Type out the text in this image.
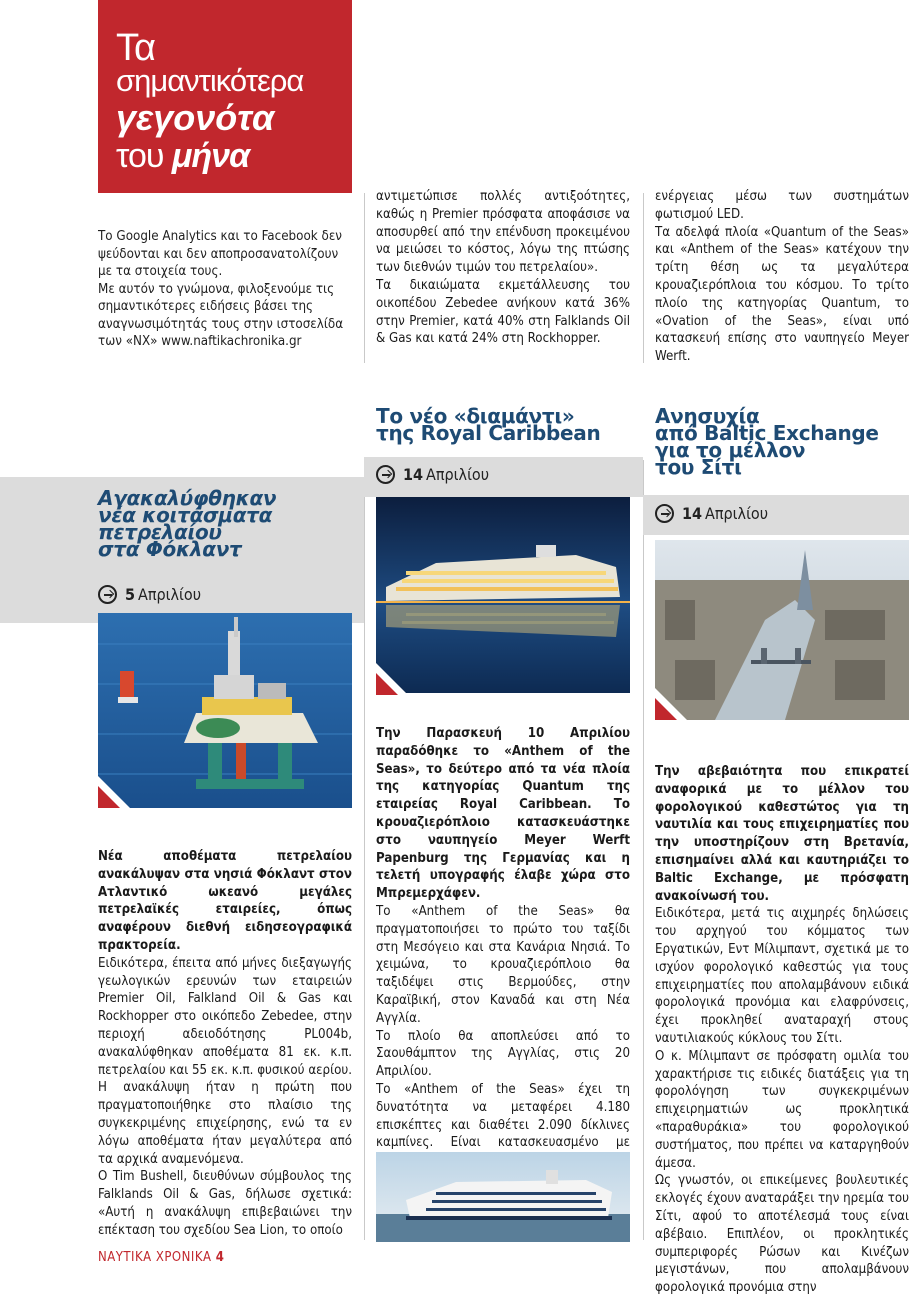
Τα
σημαντικότερα
γεγονότα
του μήνα

Το Google Analytics και το Facebook δεν ψεύδονται και δεν αποπροσανατολίζουν με τα στοιχεία τους.

Με αυτόν το γνώμονα, φιλοξενούμε τις σημαντικότερες ειδήσεις βάσει της αναγνωσιμότητάς τους στην ιστοσελίδα των «ΝΧ» www.naftikachronika.gr

αντιμετώπισε πολλές αντιξοότητες, καθώς η Premier πρόσφατα αποφάσισε να αποσυρθεί από την επένδυση προκειμένου να μειώσει το κόστος, λόγω της πτώσης των διεθνών τιμών του πετρελαίου».

Τα δικαιώματα εκμετάλλευσης του οικοπέδου Zebedee ανήκουν κατά 36% στην Premier, κατά 40% στη Falklands Oil & Gas και κατά 24% στη Rockhopper.

ενέργειας μέσω των συστημάτων φωτισμού LED.

Τα αδελφά πλοία «Quantum of the Seas» και «Anthem of the Seas» κατέχουν την τρίτη θέση ως τα μεγαλύτερα κρουαζιερόπλοια του κόσμου. Το τρίτο πλοίο της κατηγορίας Quantum, το «Ovation of the Seas», είναι υπό κατασκευή επίσης στο ναυπηγείο Meyer Werft.

Αγακαλύφθηκαν
νέα κοιτάσματα
πετρελαίου
στα Φόκλαντ
5 Απριλίου

Νέα αποθέματα πετρελαίου ανακάλυψαν στα νησιά Φόκλαντ στον Ατλαντικό ωκεανό μεγάλες πετρελαϊκές εταιρείες, όπως αναφέρουν διεθνή ειδησεογραφικά πρακτορεία.

Ειδικότερα, έπειτα από μήνες διεξαγωγής γεωλογικών ερευνών των εταιρειών Premier Oil, Falkland Oil & Gas και Rockhopper στο οικόπεδο Zebedee, στην περιοχή αδειοδότησης PL004b, ανακαλύφθηκαν αποθέματα 81 εκ. κ.π. πετρελαίου και 55 εκ. κ.π. φυσικού αερίου.

Η ανακάλυψη ήταν η πρώτη που πραγματοποιήθηκε στο πλαίσιο της συγκεκριμένης επιχείρησης, ενώ τα εν λόγω αποθέματα ήταν μεγαλύτερα από τα αρχικά αναμενόμενα.

Ο Tim Bushell, διευθύνων σύμβουλος της Falklands Oil & Gas, δήλωσε σχετικά: «Αυτή η ανακάλυψη επιβεβαιώνει την επέκταση του σχεδίου Sea Lion, το οποίο

Το νέο «διαμάντι»
της Royal Caribbean
14 Απριλίου

Την Παρασκευή 10 Απριλίου παραδόθηκε το «Anthem of the Seas», το δεύτερο από τα νέα πλοία της κατηγορίας Quantum της εταιρείας Royal Caribbean. Το κρουαζιερόπλοιο κατασκευάστηκε στο ναυπηγείο Meyer Werft Papenburg της Γερμανίας και η τελετή υπογραφής έλαβε χώρα στο Μπρεμερχάφεν.

Το «Anthem of the Seas» θα πραγματοποιήσει το πρώτο του ταξίδι στη Μεσόγειο και στα Κανάρια Νησιά. Το χειμώνα, το κρουαζιερόπλοιο θα ταξιδέψει στις Βερμούδες, στην Καραϊβική, στον Καναδά και στη Νέα Αγγλία.

Το πλοίο θα αποπλεύσει από το Σαουθάμπτον της Αγγλίας, στις 20 Απριλίου.

Το «Anthem of the Seas» έχει τη δυνατότητα να μεταφέρει 4.180 επισκέπτες και διαθέτει 2.090 δίκλινες καμπίνες. Είναι κατασκευασμένο με

Ανησυχία
από Baltic Exchange
για το μέλλον
του Σίτι
14 Απριλίου

Την αβεβαιότητα που επικρατεί αναφορικά με το μέλλον του φορολογικού καθεστώτος για τη ναυτιλία και τους επιχειρηματίες που την υποστηρίζουν στη Βρετανία, επισημαίνει αλλά και καυτηριάζει το Baltic Exchange, με πρόσφατη ανακοίνωσή του.

Ειδικότερα, μετά τις αιχμηρές δηλώσεις του αρχηγού του κόμματος των Εργατικών, Εντ Μίλιμπαντ, σχετικά με το ισχύον φορολογικό καθεστώς για τους επιχειρηματίες που απολαμβάνουν ειδικά φορολογικά προνόμια και ελαφρύνσεις, έχει προκληθεί αναταραχή στους ναυτιλιακούς κύκλους του Σίτι.

Ο κ. Μίλιμπαντ σε πρόσφατη ομιλία του χαρακτήρισε τις ειδικές διατάξεις για τη φορολόγηση των συγκεκριμένων επιχειρηματιών ως προκλητικά «παραθυράκια» του φορολογικού συστήματος, που πρέπει να καταργηθούν άμεσα.

Ως γνωστόν, οι επικείμενες βουλευτικές εκλογές έχουν αναταράξει την ηρεμία του Σίτι, αφού το αποτέλεσμά τους είναι αβέβαιο. Επιπλέον, οι προκλητικές συμπεριφορές Ρώσων και Κινέζων μεγιστάνων, που απολαμβάνουν φορολογικά προνόμια στην

ΝΑΥΤΙΚΑ ΧΡΟΝΙΚΑ 4
